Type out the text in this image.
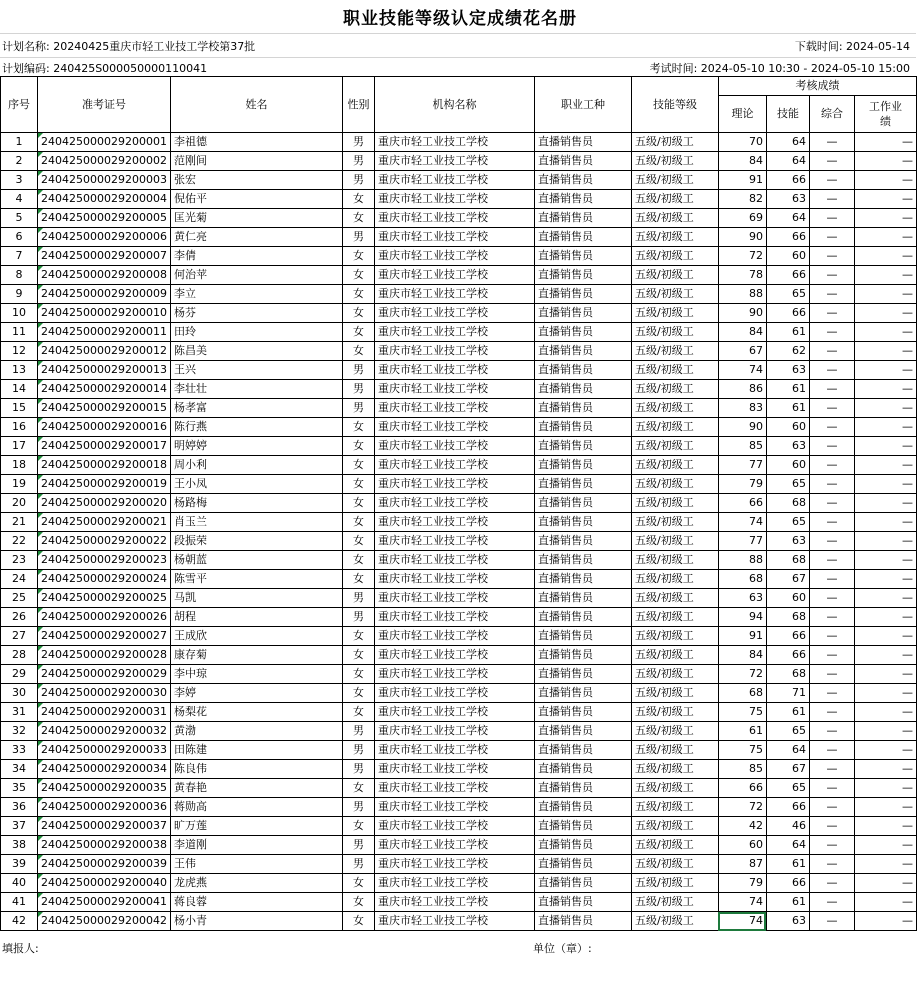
职业技能等级认定成绩花名册
计划名称: 20240425重庆市轻工业技工学校第37批	下载时间: 2024-05-14
计划编码: 240425S000050000110041	考试时间: 2024-05-10 10:30 - 2024-05-10 15:00
序号	准考证号	姓名	性别	机构名称	职业工种	技能等级	考核成绩			
							理论	技能	综合	工作业绩
1	240425000029200001	李祖德	男	重庆市轻工业技工学校	直播销售员	五级/初级工	70	64	—	—
2	240425000029200002	范刚间	男	重庆市轻工业技工学校	直播销售员	五级/初级工	84	64	—	—
3	240425000029200003	张宏	男	重庆市轻工业技工学校	直播销售员	五级/初级工	91	66	—	—
4	240425000029200004	倪佑平	女	重庆市轻工业技工学校	直播销售员	五级/初级工	82	63	—	—
5	240425000029200005	匡光菊	女	重庆市轻工业技工学校	直播销售员	五级/初级工	69	64	—	—
6	240425000029200006	黄仁亮	男	重庆市轻工业技工学校	直播销售员	五级/初级工	90	66	—	—
7	240425000029200007	李倩	女	重庆市轻工业技工学校	直播销售员	五级/初级工	72	60	—	—
8	240425000029200008	何治苹	女	重庆市轻工业技工学校	直播销售员	五级/初级工	78	66	—	—
9	240425000029200009	李立	女	重庆市轻工业技工学校	直播销售员	五级/初级工	88	65	—	—
10	240425000029200010	杨芬	女	重庆市轻工业技工学校	直播销售员	五级/初级工	90	66	—	—
11	240425000029200011	田玲	女	重庆市轻工业技工学校	直播销售员	五级/初级工	84	61	—	—
12	240425000029200012	陈昌美	女	重庆市轻工业技工学校	直播销售员	五级/初级工	67	62	—	—
13	240425000029200013	王兴	男	重庆市轻工业技工学校	直播销售员	五级/初级工	74	63	—	—
14	240425000029200014	李壮壮	男	重庆市轻工业技工学校	直播销售员	五级/初级工	86	61	—	—
15	240425000029200015	杨孝富	男	重庆市轻工业技工学校	直播销售员	五级/初级工	83	61	—	—
16	240425000029200016	陈行燕	女	重庆市轻工业技工学校	直播销售员	五级/初级工	90	60	—	—
17	240425000029200017	明婷婷	女	重庆市轻工业技工学校	直播销售员	五级/初级工	85	63	—	—
18	240425000029200018	周小利	女	重庆市轻工业技工学校	直播销售员	五级/初级工	77	60	—	—
19	240425000029200019	王小凤	女	重庆市轻工业技工学校	直播销售员	五级/初级工	79	65	—	—
20	240425000029200020	杨路梅	女	重庆市轻工业技工学校	直播销售员	五级/初级工	66	68	—	—
21	240425000029200021	肖玉兰	女	重庆市轻工业技工学校	直播销售员	五级/初级工	74	65	—	—
22	240425000029200022	段振荣	女	重庆市轻工业技工学校	直播销售员	五级/初级工	77	63	—	—
23	240425000029200023	杨朝蓝	女	重庆市轻工业技工学校	直播销售员	五级/初级工	88	68	—	—
24	240425000029200024	陈雪平	女	重庆市轻工业技工学校	直播销售员	五级/初级工	68	67	—	—
25	240425000029200025	马凯	男	重庆市轻工业技工学校	直播销售员	五级/初级工	63	60	—	—
26	240425000029200026	胡程	男	重庆市轻工业技工学校	直播销售员	五级/初级工	94	68	—	—
27	240425000029200027	王成欣	女	重庆市轻工业技工学校	直播销售员	五级/初级工	91	66	—	—
28	240425000029200028	康存菊	女	重庆市轻工业技工学校	直播销售员	五级/初级工	84	66	—	—
29	240425000029200029	李中琼	女	重庆市轻工业技工学校	直播销售员	五级/初级工	72	68	—	—
30	240425000029200030	李婷	女	重庆市轻工业技工学校	直播销售员	五级/初级工	68	71	—	—
31	240425000029200031	杨梨花	女	重庆市轻工业技工学校	直播销售员	五级/初级工	75	61	—	—
32	240425000029200032	黄渤	男	重庆市轻工业技工学校	直播销售员	五级/初级工	61	65	—	—
33	240425000029200033	田陈建	男	重庆市轻工业技工学校	直播销售员	五级/初级工	75	64	—	—
34	240425000029200034	陈良伟	男	重庆市轻工业技工学校	直播销售员	五级/初级工	85	67	—	—
35	240425000029200035	黄春艳	女	重庆市轻工业技工学校	直播销售员	五级/初级工	66	65	—	—
36	240425000029200036	蒋勋高	男	重庆市轻工业技工学校	直播销售员	五级/初级工	72	66	—	—
37	240425000029200037	旷万莲	女	重庆市轻工业技工学校	直播销售员	五级/初级工	42	46	—	—
38	240425000029200038	李道刚	男	重庆市轻工业技工学校	直播销售员	五级/初级工	60	64	—	—
39	240425000029200039	王伟	男	重庆市轻工业技工学校	直播销售员	五级/初级工	87	61	—	—
40	240425000029200040	龙虎燕	女	重庆市轻工业技工学校	直播销售员	五级/初级工	79	66	—	—
41	240425000029200041	蒋良蓉	女	重庆市轻工业技工学校	直播销售员	五级/初级工	74	61	—	—
42	240425000029200042	杨小青	女	重庆市轻工业技工学校	直播销售员	五级/初级工	74	63	—	—
填报人:	单位（章）:
